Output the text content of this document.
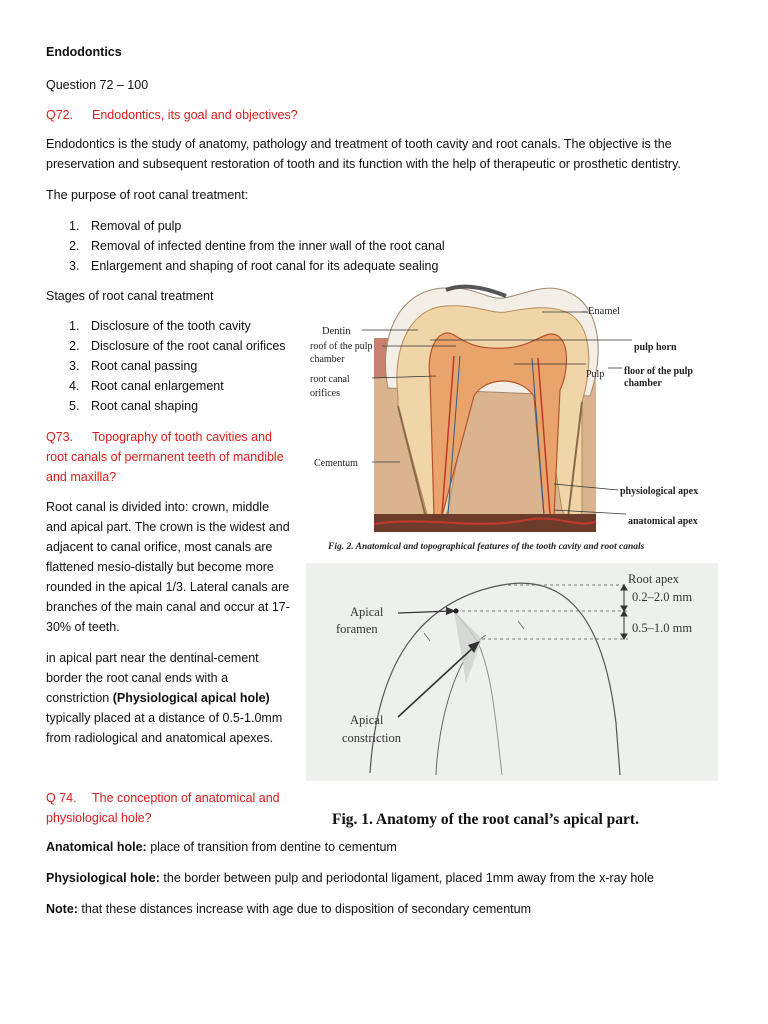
Endodontics
Question 72 – 100
Q72. Endodontics, its goal and objectives?
Endodontics is the study of anatomy, pathology and treatment of tooth cavity and root canals. The objective is the
preservation and subsequent restoration of tooth and its function with the help of therapeutic or prosthetic dentistry.
The purpose of root canal treatment:
1. Removal of pulp
2. Removal of infected dentine from the inner wall of the root canal
3. Enlargement and shaping of root canal for its adequate sealing
Stages of root canal treatment
1. Disclosure of the tooth cavity
2. Disclosure of the root canal orifices
3. Root canal passing
4. Root canal enlargement
5. Root canal shaping
Q73. Topography of tooth cavities and
root canals of permanent teeth of mandible
and maxilla?
Root canal is divided into: crown, middle
and apical part. The crown is the widest and
adjacent to canal orifice, most canals are
flattened mesio-distally but become more
rounded in the apical 1/3. Lateral canals are
branches of the main canal and occur at 17-
30% of teeth.
in apical part near the dentinal-cement
border the root canal ends with a
constriction (Physiological apical hole)
typically placed at a distance of 0.5-1.0mm
from radiological and anatomical apexes.
Q 74. The conception of anatomical and
physiological hole?
Anatomical hole: place of transition from dentine to cementum
Physiological hole: the border between pulp and periodontal ligament, placed 1mm away from the x-ray hole
Note: that these distances increase with age due to disposition of secondary cementum
Enamel
Dentin
roof of the pulp
chamber
pulp horn
Pulp floor of the pulp
chamber
root canal
orifices
Cementum
physiological apex
anatomical apex
Fig. 2. Anatomical and topographical features of the tooth cavity and root canals
Root apex
0.2–2.0 mm
0.5–1.0 mm
Apical
foramen
Apical
constriction
Fig. 1. Anatomy of the root canal’s apical part.
